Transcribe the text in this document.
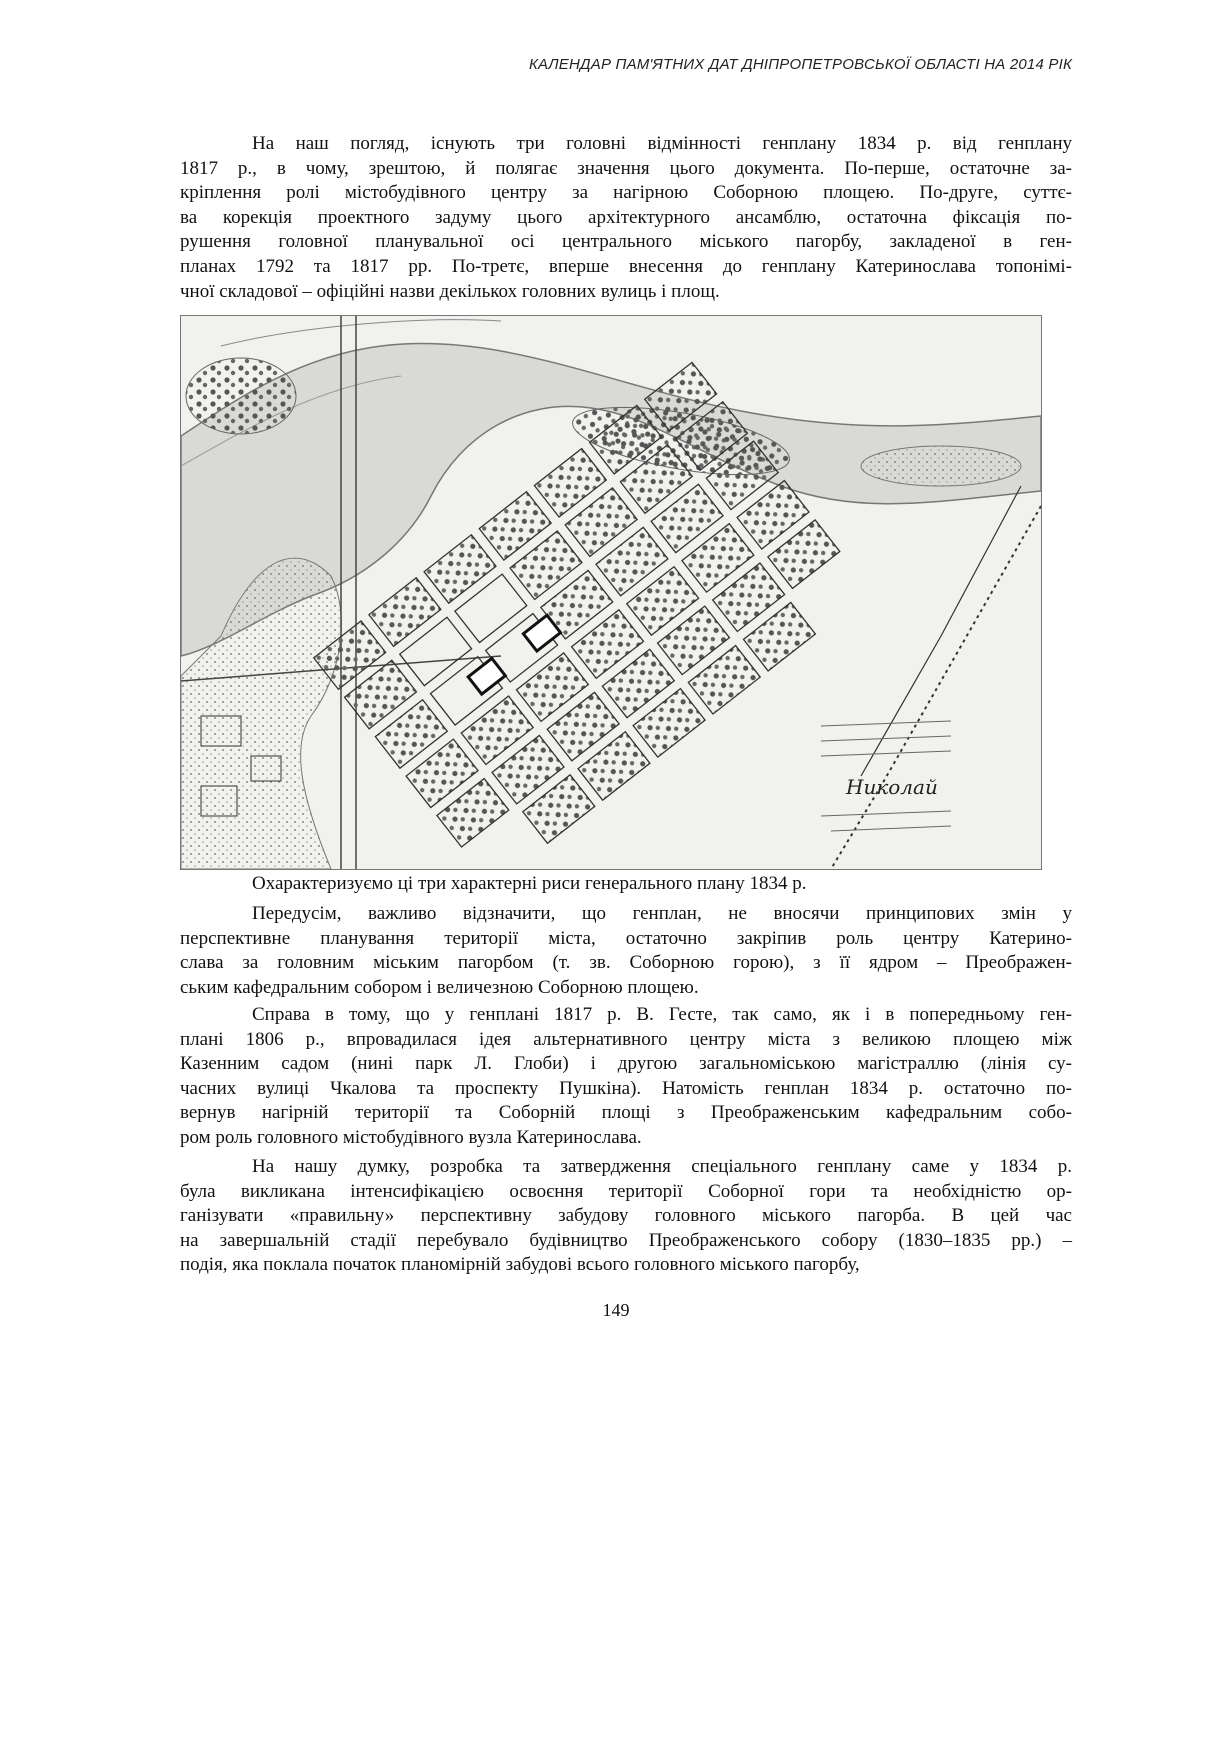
КАЛЕНДАР ПАМ'ЯТНИХ ДАТ ДНІПРОПЕТРОВСЬКОЇ ОБЛАСТІ НА 2014 РІК
На наш погляд, існують три головні відмінності генплану 1834 р. від генплану
1817 р., в чому, зрештою, й полягає значення цього документа. По-перше, остаточне за-
кріплення ролі містобудівного центру за нагірною Соборною площею. По-друге, суттє-
ва корекція проектного задуму цього архітектурного ансамблю, остаточна фіксація по-
рушення головної планувальної осі центрального міського пагорбу, закладеної в ген-
планах 1792 та 1817 рр. По-третє, вперше внесення до генплану Катеринослава топонімі-
чної складової – офіційні назви декількох головних вулиць і площ.
Николай
Охарактеризуємо ці три характерні риси генерального плану 1834 р.
Передусім, важливо відзначити, що генплан, не вносячи принципових змін у
перспективне планування території міста, остаточно закріпив роль центру Катерино-
слава за головним міським пагорбом (т. зв. Соборною горою), з її ядром – Преображен-
ським кафедральним собором і величезною Соборною площею.
Справа в тому, що у генплані 1817 р. В. Гесте, так само, як і в попередньому ген-
плані 1806 р., впровадилася ідея альтернативного центру міста з великою площею між
Казенним садом (нині парк Л. Глоби) і другою загальноміською магістраллю (лінія су-
часних вулиці Чкалова та проспекту Пушкіна). Натомість генплан 1834 р. остаточно по-
вернув нагірній території та Соборній площі з Преображенським кафедральним собо-
ром роль головного містобудівного вузла Катеринослава.
На нашу думку, розробка та затвердження спеціального генплану саме у 1834 р.
була викликана інтенсифікацією освоєння території Соборної гори та необхідністю ор-
ганізувати «правильну» перспективну забудову головного міського пагорба. В цей час
на завершальній стадії перебувало будівництво Преображенського собору (1830–1835 рр.) –
подія, яка поклала початок планомірній забудові всього головного міського пагорбу,
149
